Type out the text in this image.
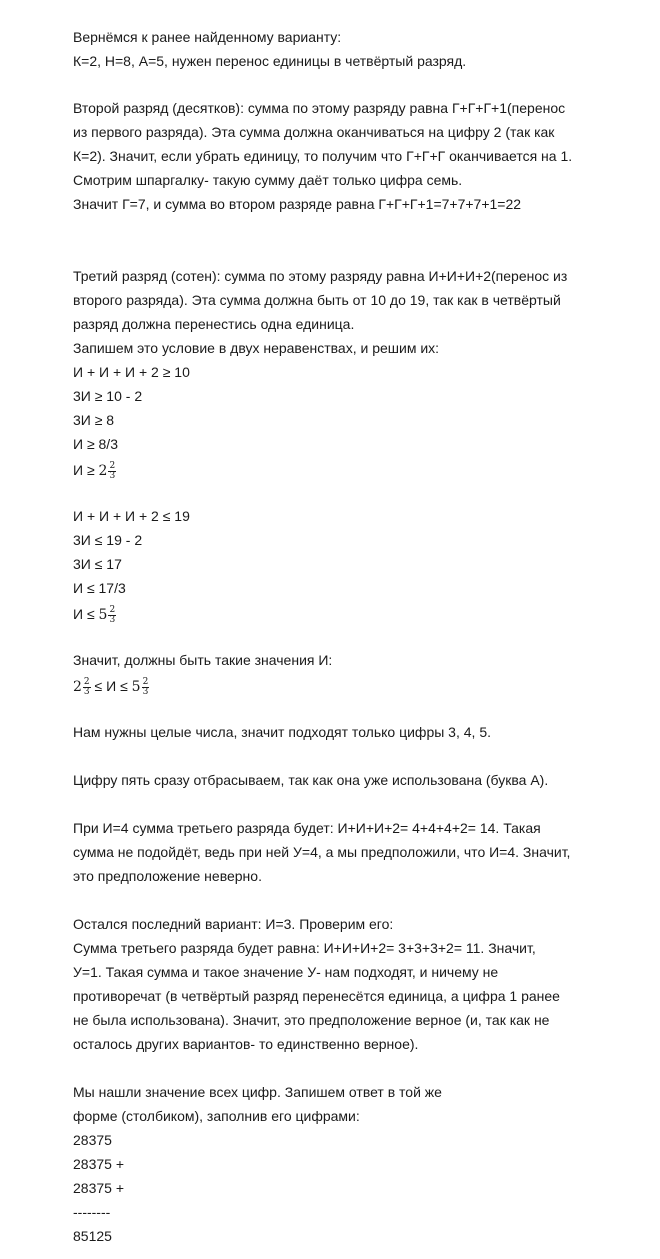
Вернёмся к ранее найденному варианту:
К=2, Н=8, А=5, нужен перенос единицы в четвёртый разряд.
Второй разряд (десятков): сумма по этому разряду равна Г+Г+Г+1(перенос
из первого разряда). Эта сумма должна оканчиваться на цифру 2 (так как
К=2). Значит, если убрать единицу, то получим что Г+Г+Г оканчивается на 1.
Смотрим шпаргалку- такую сумму даёт только цифра семь.
Значит Г=7, и сумма во втором разряде равна Г+Г+Г+1=7+7+7+1=22
Третий разряд (сотен): сумма по этому разряду равна И+И+И+2(перенос из
второго разряда). Эта сумма должна быть от 10 до 19, так как в четвёртый
разряд должна перенестись одна единица.
Запишем это условие в двух неравенствах, и решим их:
И + И + И + 2 ≥ 10
3И ≥ 10 - 2
3И ≥ 8
И ≥ 8/3
$И \ge 2 \frac{2}{3}$
И + И + И + 2 ≤ 19
3И ≤ 19 - 2
3И ≤ 17
И ≤ 17/3
$И \le 5 \frac{2}{3}$
Значит, должны быть такие значения И:
$2 \frac{2}{3} \le И \le 5 \frac{2}{3}$
Нам нужны целые числа, значит подходят только цифры 3, 4, 5.
Цифру пять сразу отбрасываем, так как она уже использована (буква А).
При И=4 сумма третьего разряда будет: И+И+И+2= 4+4+4+2= 14. Такая
сумма не подойдёт, ведь при ней У=4, а мы предположили, что И=4. Значит,
это предположение неверно.
Остался последний вариант: И=3. Проверим его:
Сумма третьего разряда будет равна: И+И+И+2= 3+3+3+2= 11. Значит,
У=1. Такая сумма и такое значение У- нам подходят, и ничему не
противоречат (в четвёртый разряд перенесётся единица, а цифра 1 ранее
не была использована). Значит, это предположение верное (и, так как не
осталось других вариантов- то единственно верное).
Мы нашли значение всех цифр. Запишем ответ в той же
форме (столбиком), заполнив его цифрами:
28375
28375 +
28375 +
--------
85125
